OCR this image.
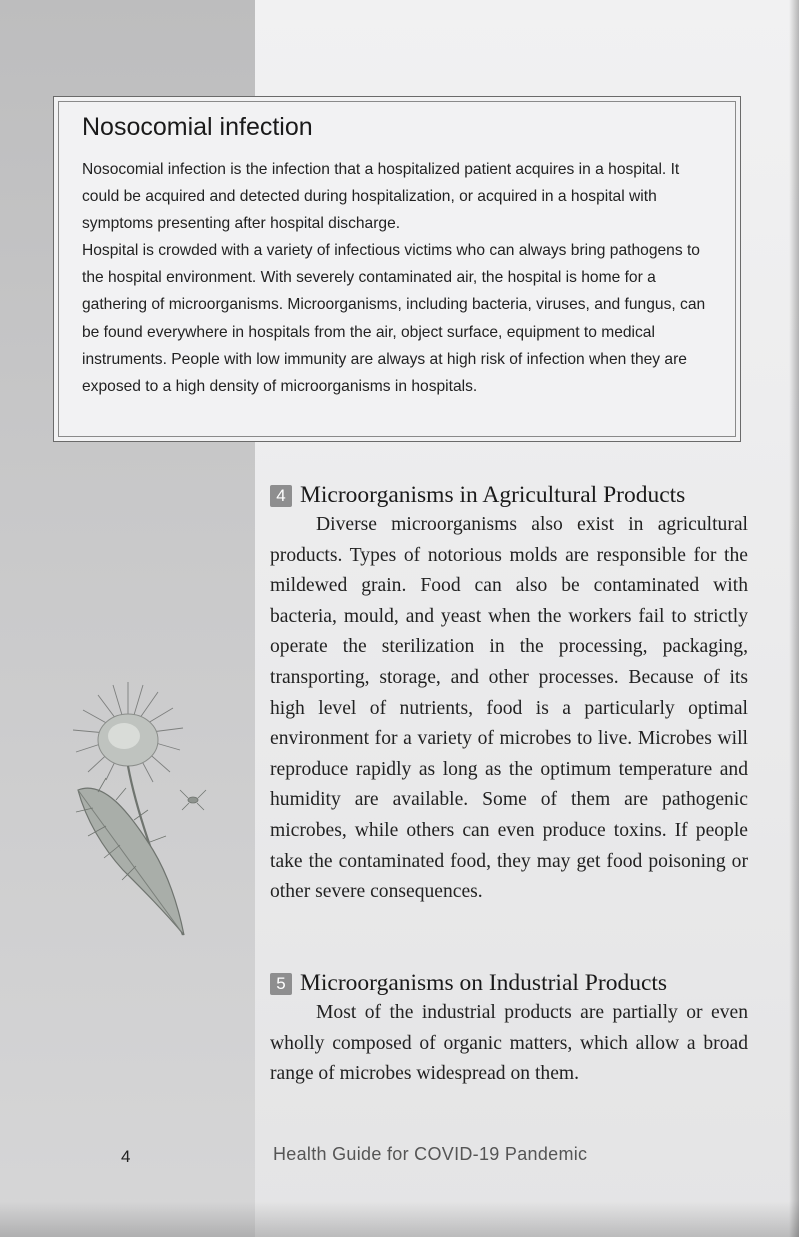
Nosocomial infection

Nosocomial infection is the infection that a hospitalized patient acquires in a hospital. It could be acquired and detected during hospitalization, or acquired in a hospital with symptoms presenting after hospital discharge.

Hospital is crowded with a variety of infectious victims who can always bring pathogens to the hospital environment. With severely contaminated air, the hospital is home for a gathering of microorganisms. Microorganisms, including bacteria, viruses, and fungus, can be found everywhere in hospitals from the air, object surface, equipment to medical instruments. People with low immunity are always at high risk of infection when they are exposed to a high density of microorganisms in hospitals.

4 Microorganisms in Agricultural Products

Diverse microorganisms also exist in agricultural products. Types of notorious molds are responsible for the mildewed grain. Food can also be contaminated with bacteria, mould, and yeast when the workers fail to strictly operate the sterilization in the processing, packaging, transporting, storage, and other processes. Because of its high level of nutrients, food is a particularly optimal environment for a variety of microbes to live. Microbes will reproduce rapidly as long as the optimum temperature and humidity are available. Some of them are pathogenic microbes, while others can even produce toxins. If people take the contaminated food, they may get food poisoning or other severe consequences.

5 Microorganisms on Industrial Products

Most of the industrial products are partially or even wholly composed of organic matters, which allow a broad range of microbes widespread on them.

4	Health Guide for COVID-19 Pandemic
